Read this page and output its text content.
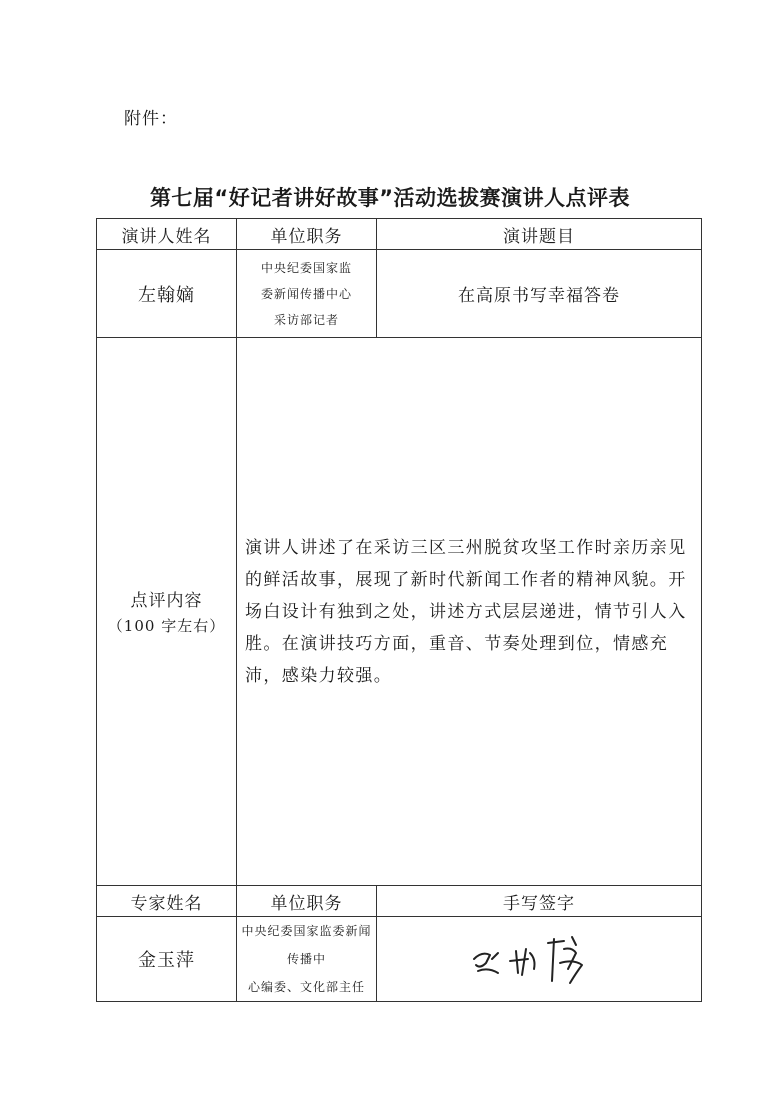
附件：
第七届“好记者讲好故事”活动选拔赛演讲人点评表
演讲人姓名	单位职务	演讲题目
左翰嫡	中央纪委国家监
委新闻传播中心
采访部记者	在高原书写幸福答卷

点评内容
（100 字左右）	演讲人讲述了在采访三区三州脱贫攻坚工作时亲历亲见的鲜活故事，展现了新时代新闻工作者的精神风貌。开场白设计有独到之处，讲述方式层层递进，情节引人入胜。在演讲技巧方面，重音、节奏处理到位，情感充沛，感染力较强。	
专家姓名	单位职务	手写签字
金玉萍	中央纪委国家监委新闻传播中
心编委、文化部主任
